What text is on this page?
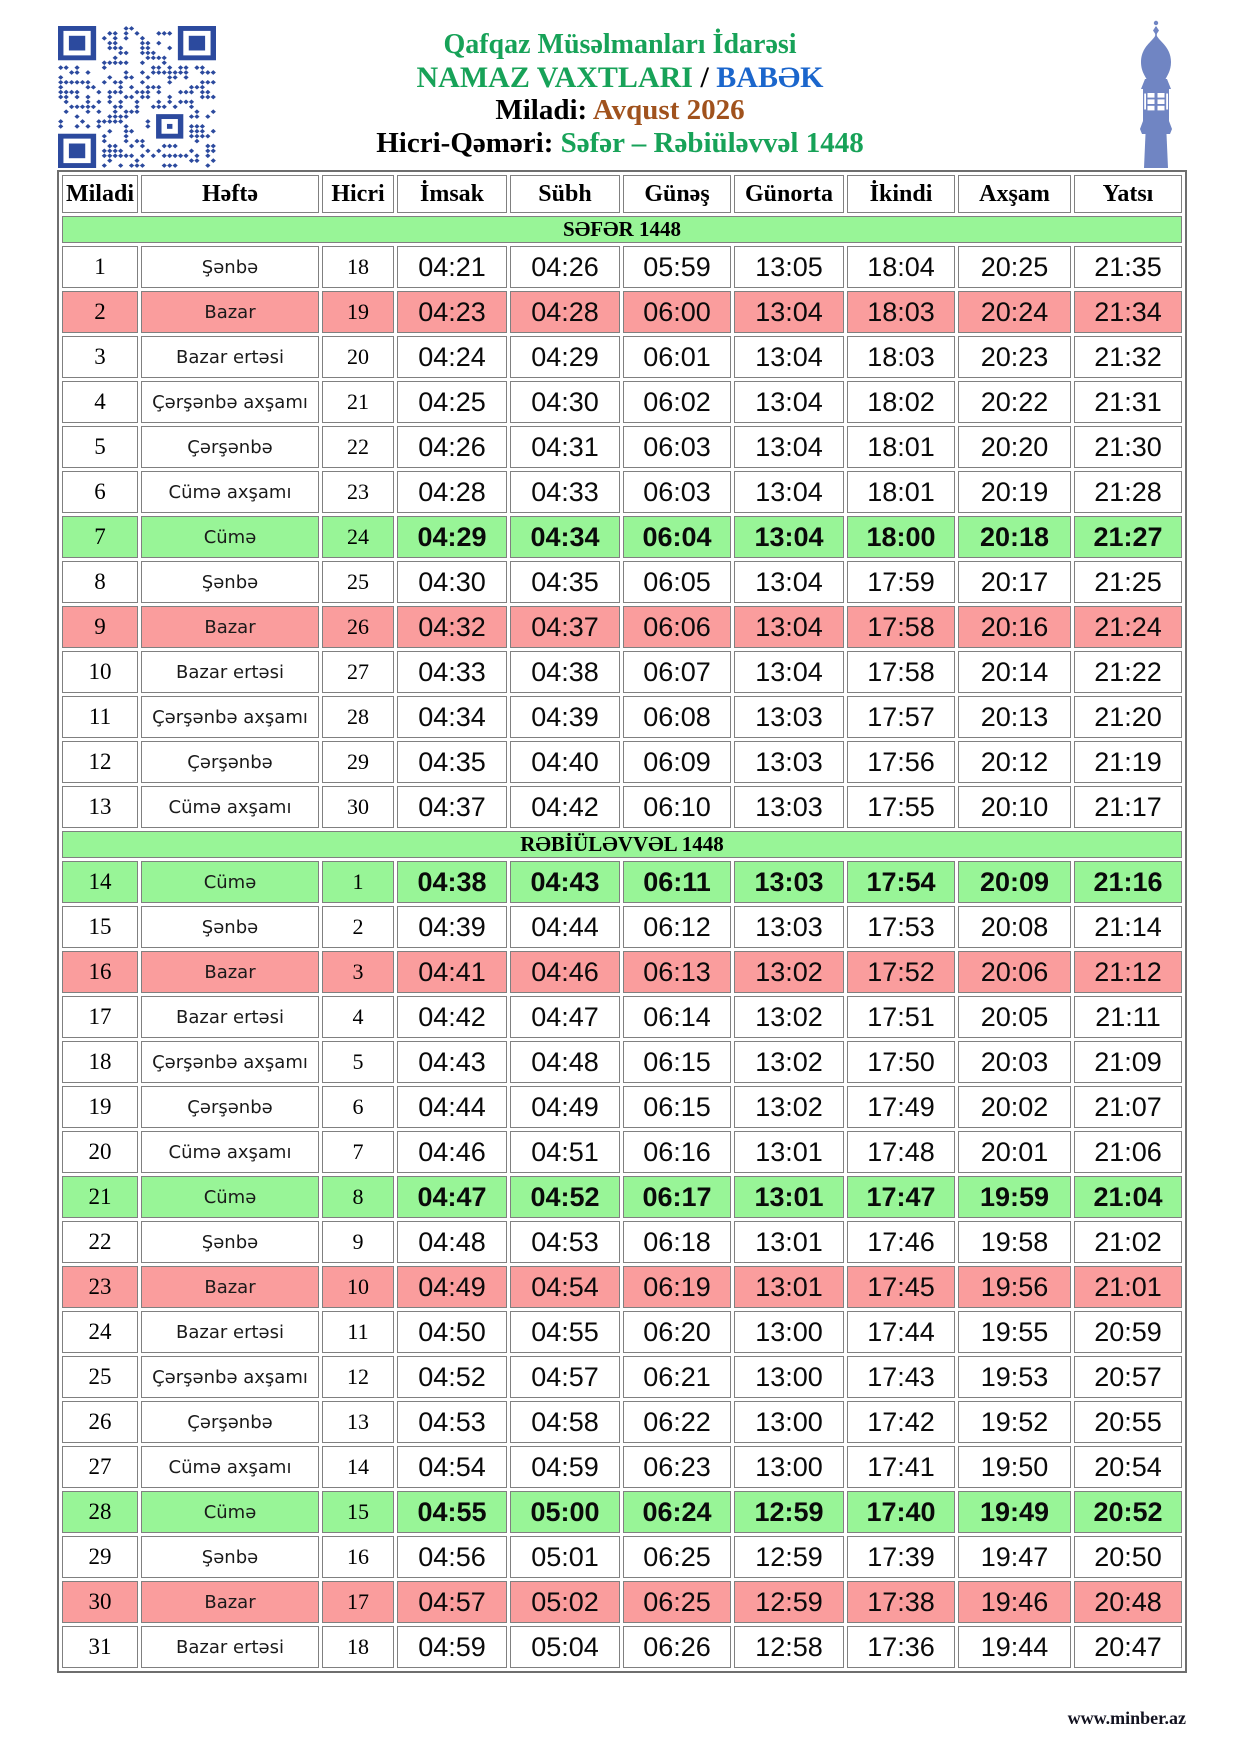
Qafqaz Müsəlmanları İdarəsi
NAMAZ VAXTLARI / BABƏK
Miladi: Avqust 2026
Hicri-Qəməri: Səfər – Rəbiüləvvəl 1448
Miladi	Həftə	Hicri	İmsak	Sübh	Günəş	Günorta	İkindi	Axşam	Yatsı
SƏFƏR 1448									
1	Şənbə	18	04:21	04:26	05:59	13:05	18:04	20:25	21:35
2	Bazar	19	04:23	04:28	06:00	13:04	18:03	20:24	21:34
3	Bazar ertəsi	20	04:24	04:29	06:01	13:04	18:03	20:23	21:32
4	Çərşənbə axşamı	21	04:25	04:30	06:02	13:04	18:02	20:22	21:31
5	Çərşənbə	22	04:26	04:31	06:03	13:04	18:01	20:20	21:30
6	Cümə axşamı	23	04:28	04:33	06:03	13:04	18:01	20:19	21:28
7	Cümə	24	04:29	04:34	06:04	13:04	18:00	20:18	21:27
8	Şənbə	25	04:30	04:35	06:05	13:04	17:59	20:17	21:25
9	Bazar	26	04:32	04:37	06:06	13:04	17:58	20:16	21:24
10	Bazar ertəsi	27	04:33	04:38	06:07	13:04	17:58	20:14	21:22
11	Çərşənbə axşamı	28	04:34	04:39	06:08	13:03	17:57	20:13	21:20
12	Çərşənbə	29	04:35	04:40	06:09	13:03	17:56	20:12	21:19
13	Cümə axşamı	30	04:37	04:42	06:10	13:03	17:55	20:10	21:17
RƏBİÜLƏVVƏL 1448									
14	Cümə	1	04:38	04:43	06:11	13:03	17:54	20:09	21:16
15	Şənbə	2	04:39	04:44	06:12	13:03	17:53	20:08	21:14
16	Bazar	3	04:41	04:46	06:13	13:02	17:52	20:06	21:12
17	Bazar ertəsi	4	04:42	04:47	06:14	13:02	17:51	20:05	21:11
18	Çərşənbə axşamı	5	04:43	04:48	06:15	13:02	17:50	20:03	21:09
19	Çərşənbə	6	04:44	04:49	06:15	13:02	17:49	20:02	21:07
20	Cümə axşamı	7	04:46	04:51	06:16	13:01	17:48	20:01	21:06
21	Cümə	8	04:47	04:52	06:17	13:01	17:47	19:59	21:04
22	Şənbə	9	04:48	04:53	06:18	13:01	17:46	19:58	21:02
23	Bazar	10	04:49	04:54	06:19	13:01	17:45	19:56	21:01
24	Bazar ertəsi	11	04:50	04:55	06:20	13:00	17:44	19:55	20:59
25	Çərşənbə axşamı	12	04:52	04:57	06:21	13:00	17:43	19:53	20:57
26	Çərşənbə	13	04:53	04:58	06:22	13:00	17:42	19:52	20:55
27	Cümə axşamı	14	04:54	04:59	06:23	13:00	17:41	19:50	20:54
28	Cümə	15	04:55	05:00	06:24	12:59	17:40	19:49	20:52
29	Şənbə	16	04:56	05:01	06:25	12:59	17:39	19:47	20:50
30	Bazar	17	04:57	05:02	06:25	12:59	17:38	19:46	20:48
31	Bazar ertəsi	18	04:59	05:04	06:26	12:58	17:36	19:44	20:47
www.minber.az
